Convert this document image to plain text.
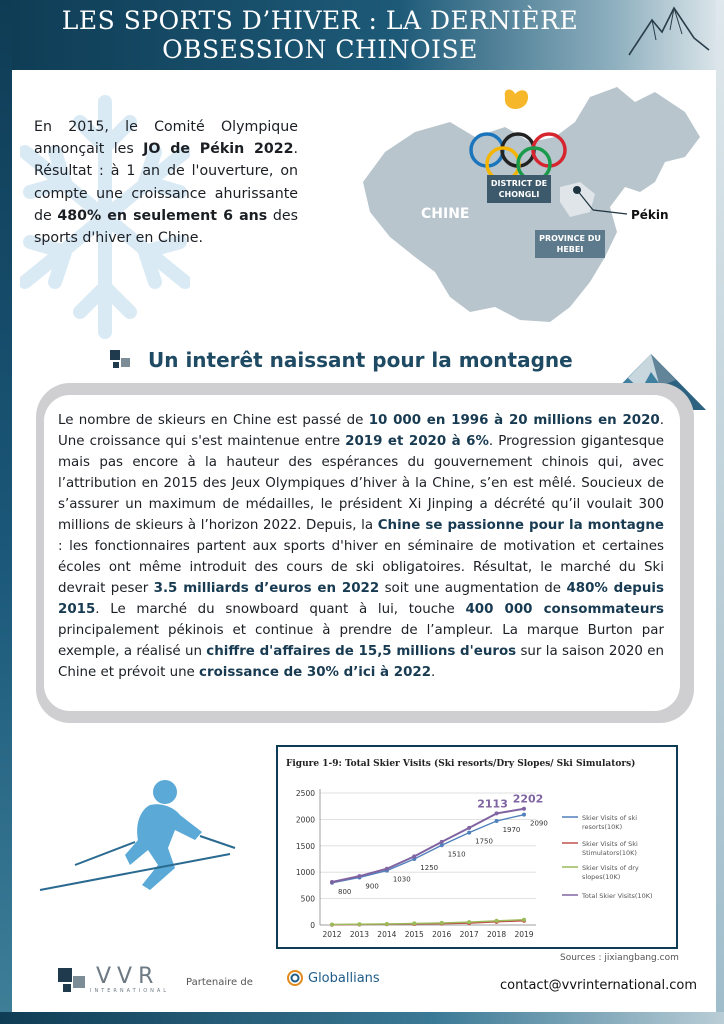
LES SPORTS D’HIVER : LA DERNIÈRE
OBSESSION CHINOISE
En 2015, le Comité Olympique annonçait les JO de Pékin 2022. Résultat : à 1 an de l'ouverture, on compte une croissance ahurissante de 480% en seulement 6 ans des sports d'hiver en Chine.
CHINE
DISTRICT DE
CHONGLI
PROVINCE DU
HEBEI
Pékin
Un interêt naissant pour la montagne
Le nombre de skieurs en Chine est passé de 10 000 en 1996 à 20 millions en 2020. Une croissance qui s'est maintenue entre 2019 et 2020 à 6%. Progression gigantesque mais pas encore à la hauteur des espérances du gouvernement chinois qui, avec l’attribution en 2015 des Jeux Olympiques d’hiver à la Chine, s’en est mêlé. Soucieux de s’assurer un maximum de médailles, le président Xi Jinping a décrété qu’il voulait 300 millions de skieurs à l’horizon 2022. Depuis, la Chine se passionne pour la montagne : les fonctionnaires partent aux sports d'hiver en séminaire de motivation et certaines écoles ont même introduit des cours de ski obligatoires. Résultat, le marché du Ski devrait peser 3.5 milliards d’euros en 2022 soit une augmentation de 480% depuis 2015. Le marché du snowboard quant à lui, touche 400 000 consommateurs principalement pékinois et continue à prendre de l’ampleur. La marque Burton par exemple, a réalisé un chiffre d'affaires de 15,5 millions d'euros sur la saison 2020 en Chine et prévoit une croissance de 30% d’ici à 2022.
Figure 1-9: Total Skier Visits (Ski resorts/Dry Slopes/ Ski Simulators)
0
500
1000
1500
2000
2500
2012 2013 2014 2015 2016 2017 2018 2019
800
900
1030
1250
1510
1750
1970
2090
2113 2202
Skier Visits of ski
resorts(10K)
Skier Visits of Ski
Stimulators(10K)
Skier Visits of dry
slopes(10K)
Total Skier Visits(10K)
Sources : jixiangbang.com
VVR
INTERNATIONAL
Partenaire de	Globallians	contact@vvrinternational.com
